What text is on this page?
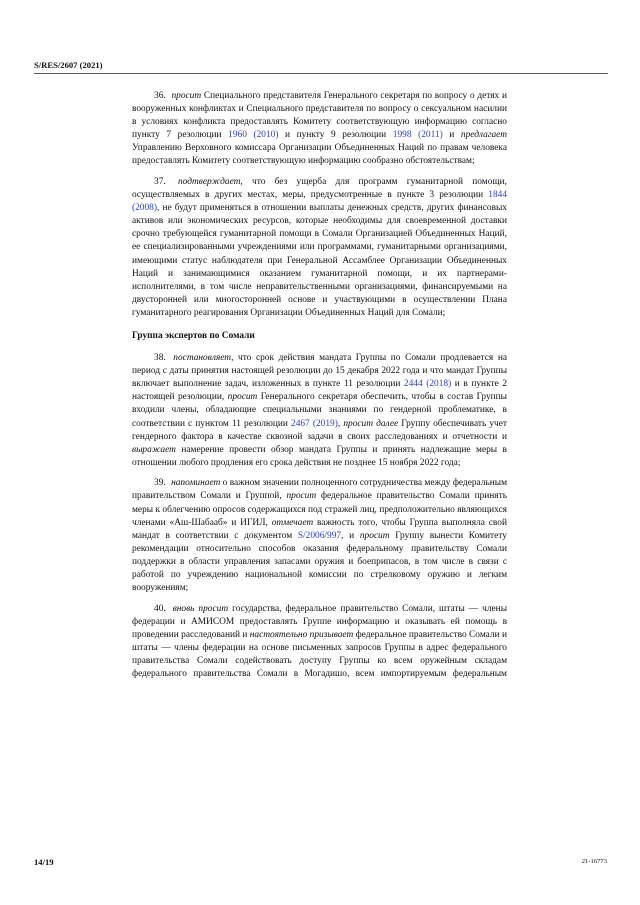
S/RES/2607 (2021)

36. просит Специального представителя Генерального секретаря по вопросу о детях и вооруженных конфликтах и Специального представителя по вопросу о сексуальном насилии в условиях конфликта предоставлять Комитету соответствующую информацию согласно пункту 7 резолюции 1960 (2010) и пункту 9 резолюции 1998 (2011) и предлагает Управлению Верховного комиссара Организации Объединенных Наций по правам человека предоставлять Комитету соответствующую информацию сообразно обстоятельствам;

37. подтверждает, что без ущерба для программ гуманитарной помощи, осуществляемых в других местах, меры, предусмотренные в пункте 3 резолюции 1844 (2008), не будут применяться в отношении выплаты денежных средств, других финансовых активов или экономических ресурсов, которые необходимы для своевременной доставки срочно требующейся гуманитарной помощи в Сомали Организацией Объединенных Наций, ее специализированными учреждениями или программами, гуманитарными организациями, имеющими статус наблюдателя при Генеральной Ассамблее Организации Объединенных Наций и занимающимися оказанием гуманитарной помощи, и их партнерами-исполнителями, в том числе неправительственными организациями, финансируемыми на двусторонней или многосторонней основе и участвующими в осуществлении Плана гуманитарного реагирования Организации Объединенных Наций для Сомали;

Группа экспертов по Сомали

38. постановляет, что срок действия мандата Группы по Сомали продлевается на период с даты принятия настоящей резолюции до 15 декабря 2022 года и что мандат Группы включает выполнение задач, изложенных в пункте 11 резолюции 2444 (2018) и в пункте 2 настоящей резолюции, просит Генерального секретаря обеспечить, чтобы в состав Группы входили члены, обладающие специальными знаниями по гендерной проблематике, в соответствии с пунктом 11 резолюции 2467 (2019), просит далее Группу обеспечивать учет гендерного фактора в качестве сквозной задачи в своих расследованиях и отчетности и выражает намерение провести обзор мандата Группы и принять надлежащие меры в отношении любого продления его срока действия не позднее 15 ноября 2022 года;

39. напоминает о важном значении полноценного сотрудничества между федеральным правительством Сомали и Группой, просит федеральное правительство Сомали принять меры к облегчению опросов содержащихся под стражей лиц, предположительно являющихся членами «Аш-Шабааб» и ИГИЛ, отмечает важность того, чтобы Группа выполняла свой мандат в соответствии с документом S/2006/997, и просит Группу вынести Комитету рекомендации относительно способов оказания федеральному правительству Сомали поддержки в области управления запасами оружия и боеприпасов, в том числе в связи с работой по учреждению национальной комиссии по стрелковому оружию и легким вооружениям;

40. вновь просит государства, федеральное правительство Сомали, штаты — члены федерации и АМИСОМ предоставлять Группе информацию и оказывать ей помощь в проведении расследований и настоятельно призывает федеральное правительство Сомали и штаты — члены федерации на основе письменных запросов Группы в адрес федерального правительства Сомали содействовать доступу Группы ко всем оружейным складам федерального правительства Сомали в Могадишо, всем импортируемым федеральным

14/19	21-16773
